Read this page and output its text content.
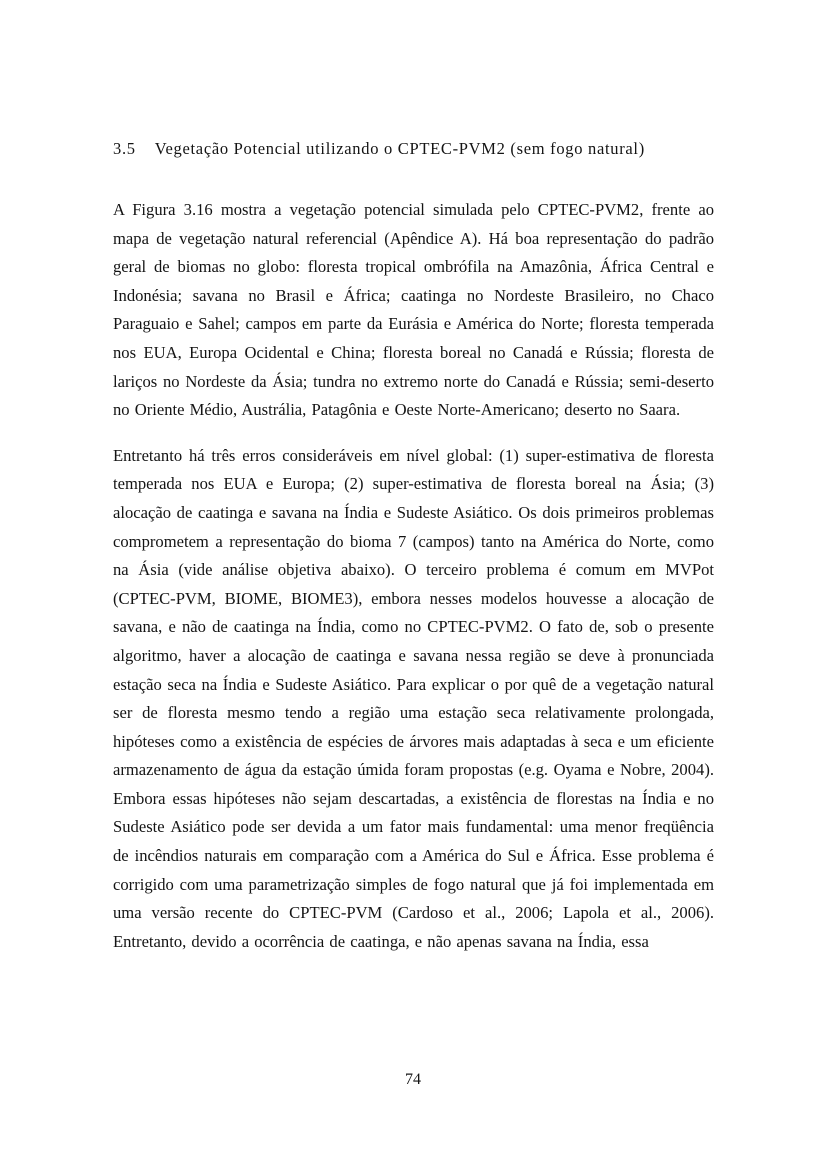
3.5 Vegetação Potencial utilizando o CPTEC-PVM2 (sem fogo natural)

A Figura 3.16 mostra a vegetação potencial simulada pelo CPTEC-PVM2, frente ao mapa de vegetação natural referencial (Apêndice A). Há boa representação do padrão geral de biomas no globo: floresta tropical ombrófila na Amazônia, África Central e Indonésia; savana no Brasil e África; caatinga no Nordeste Brasileiro, no Chaco Paraguaio e Sahel; campos em parte da Eurásia e América do Norte; floresta temperada nos EUA, Europa Ocidental e China; floresta boreal no Canadá e Rússia; floresta de lariços no Nordeste da Ásia; tundra no extremo norte do Canadá e Rússia; semi-deserto no Oriente Médio, Austrália, Patagônia e Oeste Norte-Americano; deserto no Saara.

Entretanto há três erros consideráveis em nível global: (1) super-estimativa de floresta temperada nos EUA e Europa; (2) super-estimativa de floresta boreal na Ásia; (3) alocação de caatinga e savana na Índia e Sudeste Asiático. Os dois primeiros problemas comprometem a representação do bioma 7 (campos) tanto na América do Norte, como na Ásia (vide análise objetiva abaixo). O terceiro problema é comum em MVPot (CPTEC-PVM, BIOME, BIOME3), embora nesses modelos houvesse a alocação de savana, e não de caatinga na Índia, como no CPTEC-PVM2. O fato de, sob o presente algoritmo, haver a alocação de caatinga e savana nessa região se deve à pronunciada estação seca na Índia e Sudeste Asiático. Para explicar o por quê de a vegetação natural ser de floresta mesmo tendo a região uma estação seca relativamente prolongada, hipóteses como a existência de espécies de árvores mais adaptadas à seca e um eficiente armazenamento de água da estação úmida foram propostas (e.g. Oyama e Nobre, 2004). Embora essas hipóteses não sejam descartadas, a existência de florestas na Índia e no Sudeste Asiático pode ser devida a um fator mais fundamental: uma menor freqüência de incêndios naturais em comparação com a América do Sul e África. Esse problema é corrigido com uma parametrização simples de fogo natural que já foi implementada em uma versão recente do CPTEC-PVM (Cardoso et al., 2006; Lapola et al., 2006). Entretanto, devido a ocorrência de caatinga, e não apenas savana na Índia, essa

74
